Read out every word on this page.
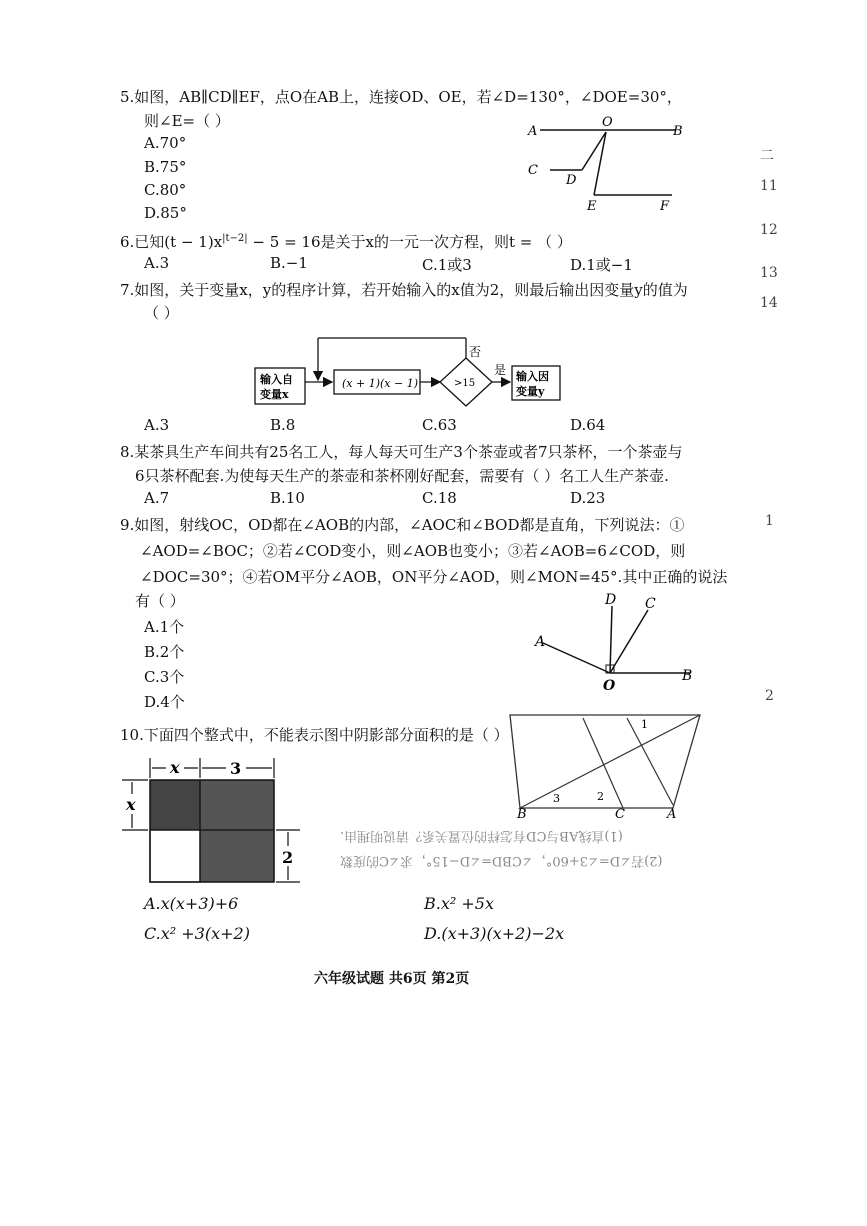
5.如图，AB∥CD∥EF，点O在AB上，连接OD、OE，若∠D=130°，∠DOE=30°，
则∠E=（ ）
A.70°
B.75°
C.80°
D.85°
A
O
B
C
D
E	F
6.已知$(t - 1)x^{|t-2|} - 5 = 16$是关于x的一元一次方程，则t = （ ）
A.3	B.−1	C.1或3	D.1或−1
7.如图，关于变量x，y的程序计算，若开始输入的x值为2，则最后输出因变量y的值为
（ ）
输入自
变量x
(x + 1)(x − 1)	>15
否
是 输入因
变量y
A.3	B.8	C.63	D.64
8.某茶具生产车间共有25名工人，每人每天可生产3个茶壶或者7只茶杯，一个茶壶与
6只茶杯配套.为使每天生产的茶壶和茶杯刚好配套，需要有（ ）名工人生产茶壶.
A.7	B.10	C.18	D.23
9.如图，射线OC，OD都在∠AOB的内部，∠AOC和∠BOD都是直角，下列说法：①
∠AOD=∠BOC；②若∠COD变小，则∠AOB也变小；③若∠AOB=6∠COD，则
∠DOC=30°；④若OM平分∠AOB，ON平分∠AOD，则∠MON=45°.其中正确的说法
有（ ）
A.1个
B.2个
C.3个
D.4个
A
D C
O
B
10.下面四个整式中，不能表示图中阴影部分面积的是（ ）
x	3
x
2
A.x(x+3)+6	B.x² +5x
C.x² +3(x+2)	D.(x+3)(x+2)−2x
B	C	A
1
2
3
(1)直线AB与CD有怎样的位置关系？请说明理由.
(2)若∠D=∠3+60°，∠CBD=∠D−15°，求∠C的度数
二
11
12
13
14
1
2
六年级试题 共6页 第2页
